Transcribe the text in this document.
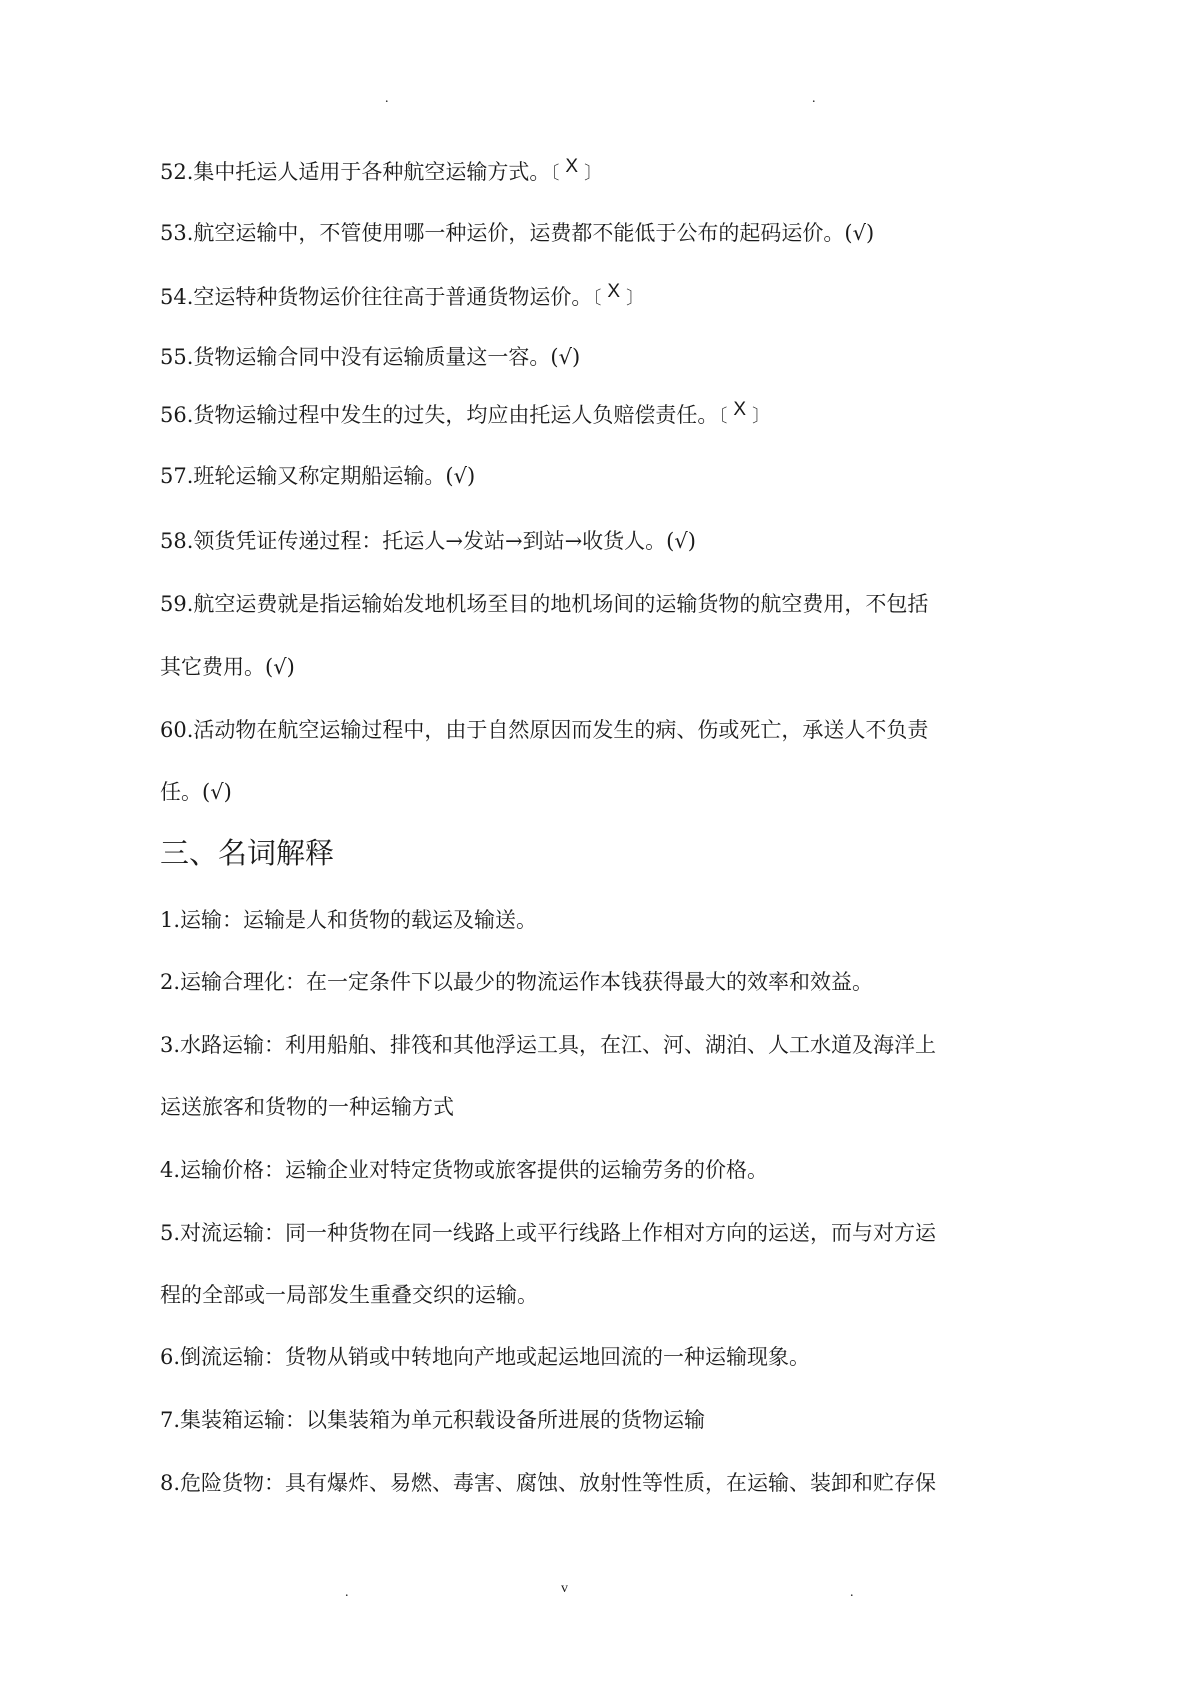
.	.
52.集中托运人适用于各种航空运输方式。〔 X 〕
53.航空运输中，不管使用哪一种运价，运费都不能低于公布的起码运价。(√)
54.空运特种货物运价往往高于普通货物运价。〔 X 〕
55.货物运输合同中没有运输质量这一容。(√)
56.货物运输过程中发生的过失，均应由托运人负赔偿责任。〔 X 〕
57.班轮运输又称定期船运输。(√)
58.领货凭证传递过程：托运人→发站→到站→收货人。(√)
59.航空运费就是指运输始发地机场至目的地机场间的运输货物的航空费用，不包括
其它费用。(√)
60.活动物在航空运输过程中，由于自然原因而发生的病、伤或死亡，承送人不负责
任。(√)
三、名词解释
1.运输：运输是人和货物的载运及输送。
2.运输合理化：在一定条件下以最少的物流运作本钱获得最大的效率和效益。
3.水路运输：利用船舶、排筏和其他浮运工具，在江、河、湖泊、人工水道及海洋上
运送旅客和货物的一种运输方式
4.运输价格：运输企业对特定货物或旅客提供的运输劳务的价格。
5.对流运输：同一种货物在同一线路上或平行线路上作相对方向的运送，而与对方运
程的全部或一局部发生重叠交织的运输。
6.倒流运输：货物从销或中转地向产地或起运地回流的一种运输现象。
7.集装箱运输：以集装箱为单元积载设备所进展的货物运输
8.危险货物：具有爆炸、易燃、毒害、腐蚀、放射性等性质，在运输、装卸和贮存保
.	v	.
